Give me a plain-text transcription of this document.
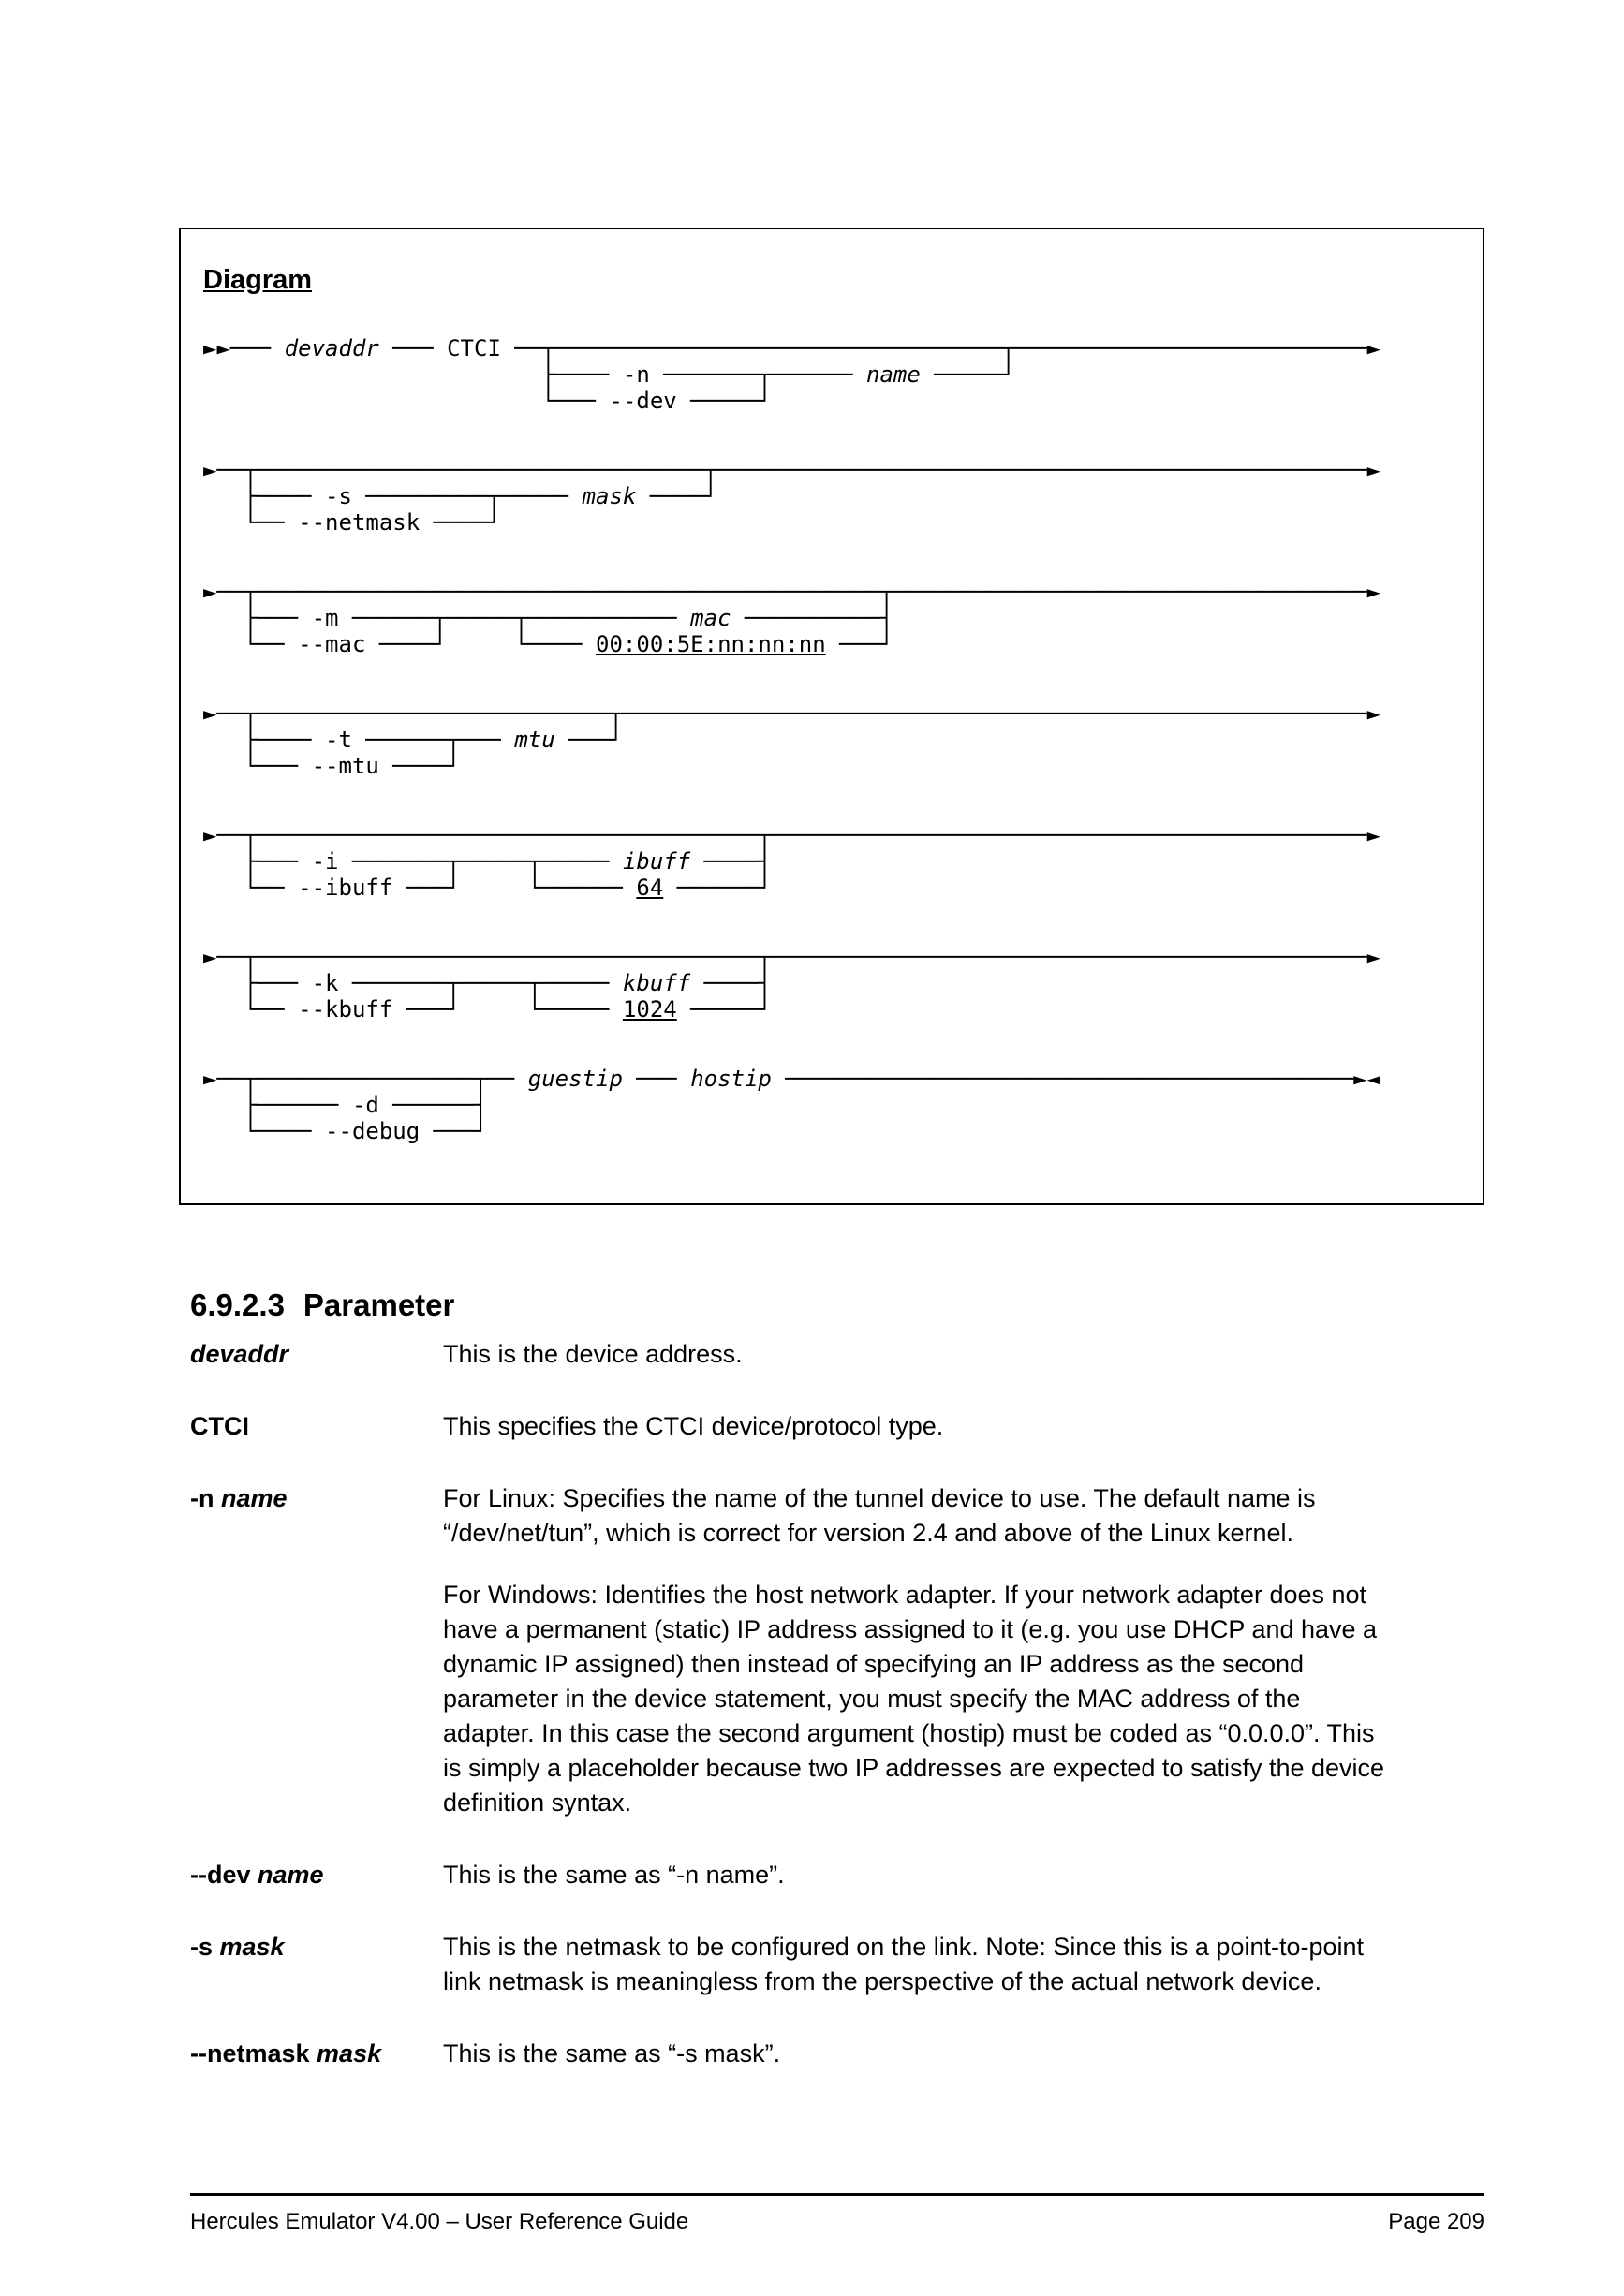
Diagram
►►─── devaddr ─── CTCI ──┬─────────────────────────────────┬──────────────────────────►
├──── -n ───────┬────── name ─────┘
└─── --dev ─────┘
►──┬─────────────────────────────────┬────────────────────────────────────────────────►
├──── -s ─────────┬───── mask ────┘
└── --netmask ────┘
►──┬──────────────────────────────────────────────┬───────────────────────────────────►
├─── -m ──────┬─────┬─────────── mac ──────────┤
└── --mac ────┘     └──── 00:00:5E:nn:nn:nn ───┘
►──┬──────────────────────────┬───────────────────────────────────────────────────────►
├──── -t ──────┬─── mtu ───┘
└─── --mtu ────┘
►──┬─────────────────────────────────────┬────────────────────────────────────────────►
├─── -i ───────┬─────┬───── ibuff ────┤
└── --ibuff ───┘     └────── 64 ──────┘
►──┬─────────────────────────────────────┬────────────────────────────────────────────►
├─── -k ───────┬─────┬───── kbuff ────┤
└── --kbuff ───┘     └───── 1024 ─────┘
►──┬────────────────┬── guestip ─── hostip ──────────────────────────────────────────►◄
├────── -d ──────┤
└──── --debug ───┘
6.9.2.3 Parameter
devaddr	This is the device address.

CTCI	This specifies the CTCI device/protocol type.

-n name	For Linux: Specifies the name of the tunnel device to use. The default name is “/dev/net/tun”, which is correct for version 2.4 and above of the Linux kernel.

For Windows: Identifies the host network adapter. If your network adapter does not have a permanent (static) IP address assigned to it (e.g. you use DHCP and have a dynamic IP assigned) then instead of specifying an IP address as the second parameter in the device statement, you must specify the MAC address of the adapter. In this case the second argument (hostip) must be coded as “0.0.0.0”. This is simply a placeholder because two IP addresses are expected to satisfy the device definition syntax.

--dev name	This is the same as “-n name”.

-s mask	This is the netmask to be configured on the link. Note: Since this is a point-to-point link netmask is meaningless from the perspective of the actual network device.

--netmask mask	This is the same as “-s mask”.

Hercules Emulator V4.00 – User Reference Guide	Page 209
